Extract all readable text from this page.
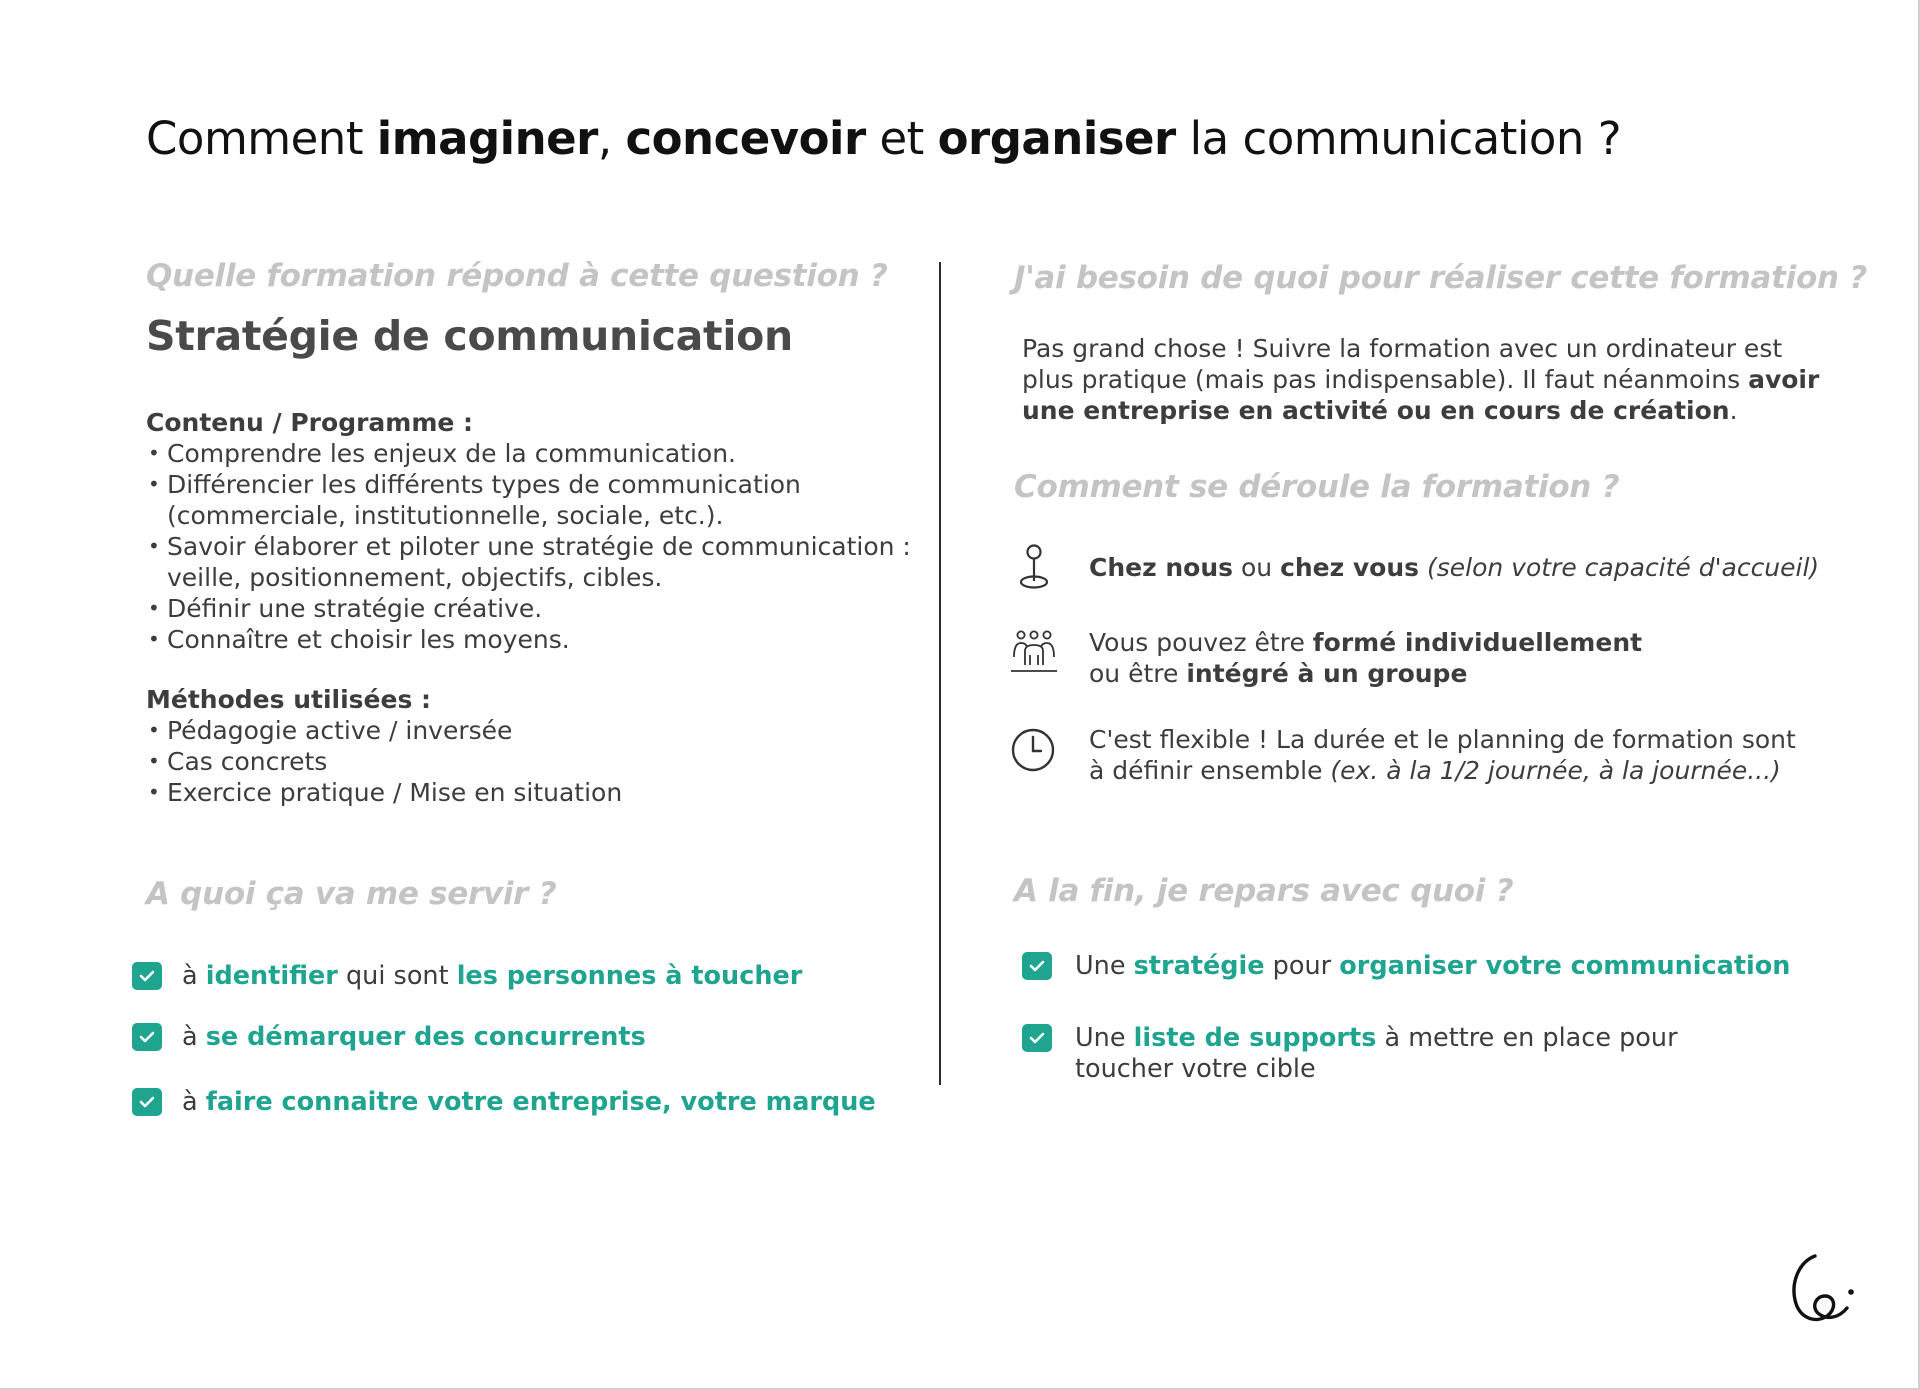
Comment imaginer, concevoir et organiser la communication ?
Quelle formation répond à cette question ?
Stratégie de communication
Contenu / Programme :
• Comprendre les enjeux de la communication.
• Différencier les différents types de communication (commerciale, institutionnelle, sociale, etc.).
• Savoir élaborer et piloter une stratégie de communication : veille, positionnement, objectifs, cibles.
• Définir une stratégie créative.
• Connaître et choisir les moyens.
Méthodes utilisées :
• Pédagogie active / inversée
• Cas concrets
• Exercice pratique / Mise en situation
A quoi ça va me servir ?
à identifier qui sont les personnes à toucher
à se démarquer des concurrents
à faire connaitre votre entreprise, votre marque
J'ai besoin de quoi pour réaliser cette formation ?
Pas grand chose ! Suivre la formation avec un ordinateur est plus pratique (mais pas indispensable). Il faut néanmoins avoir une entreprise en activité ou en cours de création.
Comment se déroule la formation ?
Chez nous ou chez vous (selon votre capacité d'accueil)
Vous pouvez être formé individuellement
ou être intégré à un groupe
C'est flexible ! La durée et le planning de formation sont à définir ensemble (ex. à la 1/2 journée, à la journée...)
A la fin, je repars avec quoi ?
Une stratégie pour organiser votre communication
Une liste de supports à mettre en place pour toucher votre cible
